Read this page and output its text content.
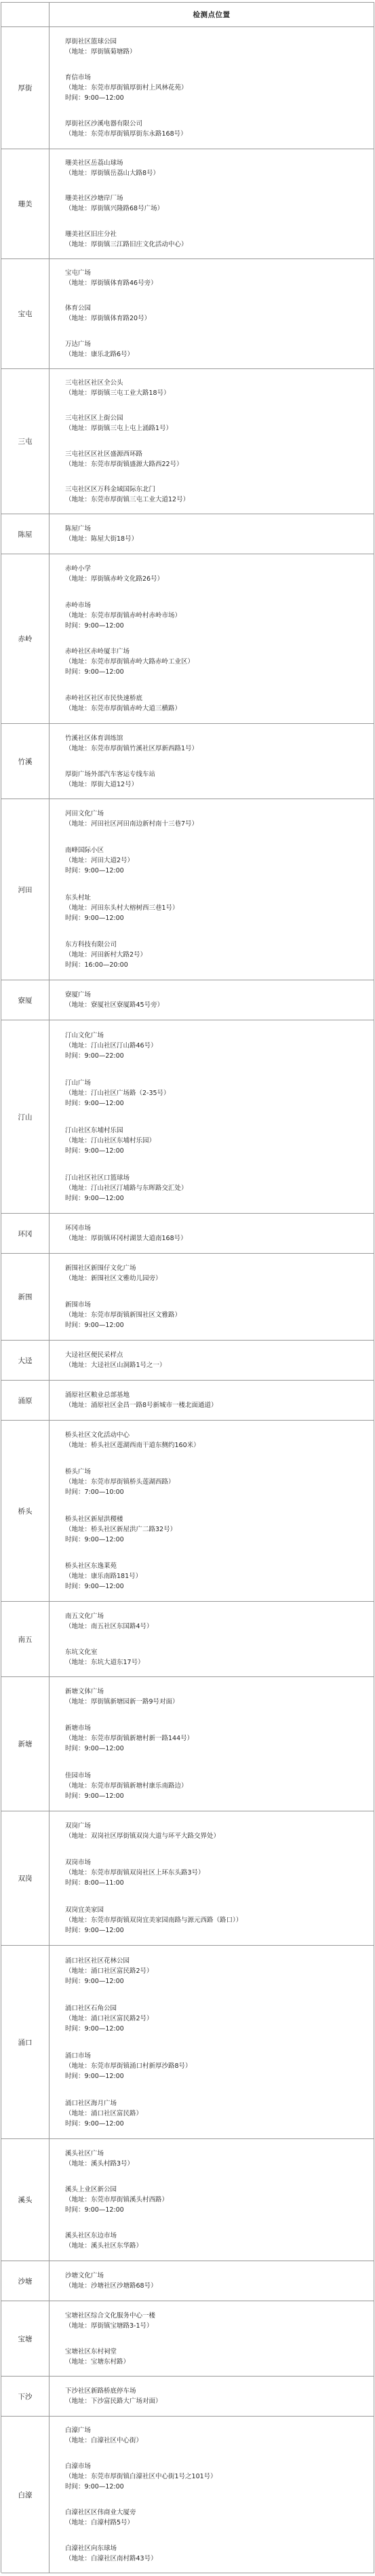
检测点位置
厚街
厚街社区篮球公园
（地址：厚街镇菊塘路）
育信市场
（地址：东莞市厚街镇厚街村上风林花苑）
时间：9:00—12:00
厚街社区沙溪电器有限公司
（地址：东莞市厚街镇厚街东永路168号）
珊美
珊美社区岳荔山球场
（地址：厚街镇岳荔山大路8号）
珊美社区沙塘岸厂场
（地址：厚街镇兴隆路68号广场）
珊美社区旧庄分社
（地址：厚街镇三江路旧庄文化活动中心）
宝屯
宝屯广场
（地址：厚街镇体育路46号旁）
体育公园
（地址：厚街镇体育路20号）
万达广场
（地址：康乐北路6号）
三屯
三屯社区社区全公头
（地址：厚街镇三屯工业大路18号）
三屯社区区上街公园
（地址：厚街镇三屯上屯上涌路1号）
三屯社区区社区盛源西环路
（地址：东莞市厚街镇盛源大路西22号）
三屯社区区万科金域国际东北门
（地址：东莞市厚街镇三屯工业大道12号）
陈屋
陈屋广场
（地址：陈屋大街18号）
赤岭
赤岭小学
（地址：厚街镇赤岭文化路26号）
赤岭市场
（地址：东莞市厚街镇赤岭村赤岭市场）
时间：9:00—12:00
赤岭社区赤岭厦丰广场
（地址：东莞市厚街镇赤岭大路赤岭工业区）
时间：9:00—12:00
赤岭社区社区市民快速桥底
（地址：东莞市厚街镇赤岭大道三横路）
竹溪
竹溪社区体育训练馆
（地址：东莞市厚街镇竹溪社区厚新西路1号）
厚街广场外部汽车客运专线车站
（地址：厚街大道12号）
河田
河田文化广场
（地址：河田社区河田南边新村南十三巷7号）
南峰国际小区
（地址：河田大道2号）
时间：9:00—12:00
东头村址
（地址：河田东头村大榕树西三巷1号）
时间：9:00—12:00
东方科技有限公司
（地址：河田新村大路2号）
时间：16:00—20:00
寮厦
寮厦广场
（地址：寮厦社区寮厦路45号旁）
汀山
汀山文化广场
（地址：汀山社区汀山路46号）
时间：9:00—22:00
汀山广场
（地址：汀山社区广场路（2-35号）
时间：9:00—12:00
汀山社区东埔村乐园
（地址：汀山社区东埔村乐园）
时间：9:00—12:00
汀山社区社区口篮球场
（地址：汀山社区汀埔路与东晖路交汇处）
时间：9:00—12:00
环冈
环冈市场
（地址：厚街镇环冈村湖景大道南168号）
新围
新围社区新围仔文化广场
（地址：新围社区文雅幼儿园旁）
新围市场
（地址：东莞市厚街镇新围社区文雅路）
时间：9:00—12:00
大迳
大迳社区便民采样点
（地址：大迳社区山洞路1号之一）
涌原
涌原社区粮业总部基地
（地址：涌原社区金昌一路8号新城市一楼北面通道）
桥头
桥头社区文化活动中心
（地址：桥头社区莲湖西南干道东侧约160米）
桥头广场
（地址：东莞市厚街镇桥头莲湖西路）
时间：7:00—10:00
桥头社区新屋洪稷楼
（地址：桥头社区新屋洪广二路32号）
时间：9:00—12:00
桥头社区东逸莱苑
（地址：康乐南路181号）
时间：9:00—12:00
南五
南五文化广场
（地址：南五社区东国路4号）
东坑文化室
（地址：东坑大道东17号）
新塘
新塘文体广场
（地址：厚街镇新塘园新一路9号对面）
新塘市场
（地址：东莞市厚街镇新塘村新一路144号）
时间：9:00—12:00
佳园市场
（地址：东莞市厚街镇新塘村康乐南路边）
时间：9:00—12:00
双岗
双岗广场
（地址：双岗社区厚街镇双岗大道与环平大路交界处）
双岗市场
（地址：东莞市厚街镇双岗社区上环东头路3号）
时间：8:00—11:00
双岗宜美家园
（地址：东莞市厚街镇双岗宜美家园南路与源元西路（路口））
时间：9:00—12:00
涌口
涌口社区社区花林公园
（地址：涌口社区富民路2号）
时间：9:00—12:00
涌口社区石角公园
（地址：涌口社区富民路2号）
时间：9:00—12:00
涌口市场
（地址：东莞市厚街镇涌口村新厚沙路8号）
时间：9:00—12:00
涌口社区海月广场
（地址：涌口社区富民路）
时间：9:00—12:00
溪头
溪头社区广场
（地址：溪头村路3号）
溪头上业区新公园
（地址：东莞市厚街镇溪头村西路）
时间：9:00—12:00
溪头社区东边市场
（地址：溪头社区东华路）
沙塘
沙塘文化广场
（地址：沙塘社区沙塘路68号）
宝塘
宝塘社区综合文化服务中心一楼
（地址：厚街镇宝塘路3-1号）
宝塘社区东村祠堂
（地址：宝塘东村路）
下沙
下沙社区新路桥底停车场
（地址：下沙富民路大广场对面）
白濠
白濠广场
（地址：白濠社区中心街）
白濠市场
（地址：东莞市厚街镇白濠社区中心街1号之101号）
时间：9:00—12:00
白濠社区区伟商业大厦旁
（地址：白濠村路5号）
白濠社区向东球场
（地址：白濠社区南村路43号）
